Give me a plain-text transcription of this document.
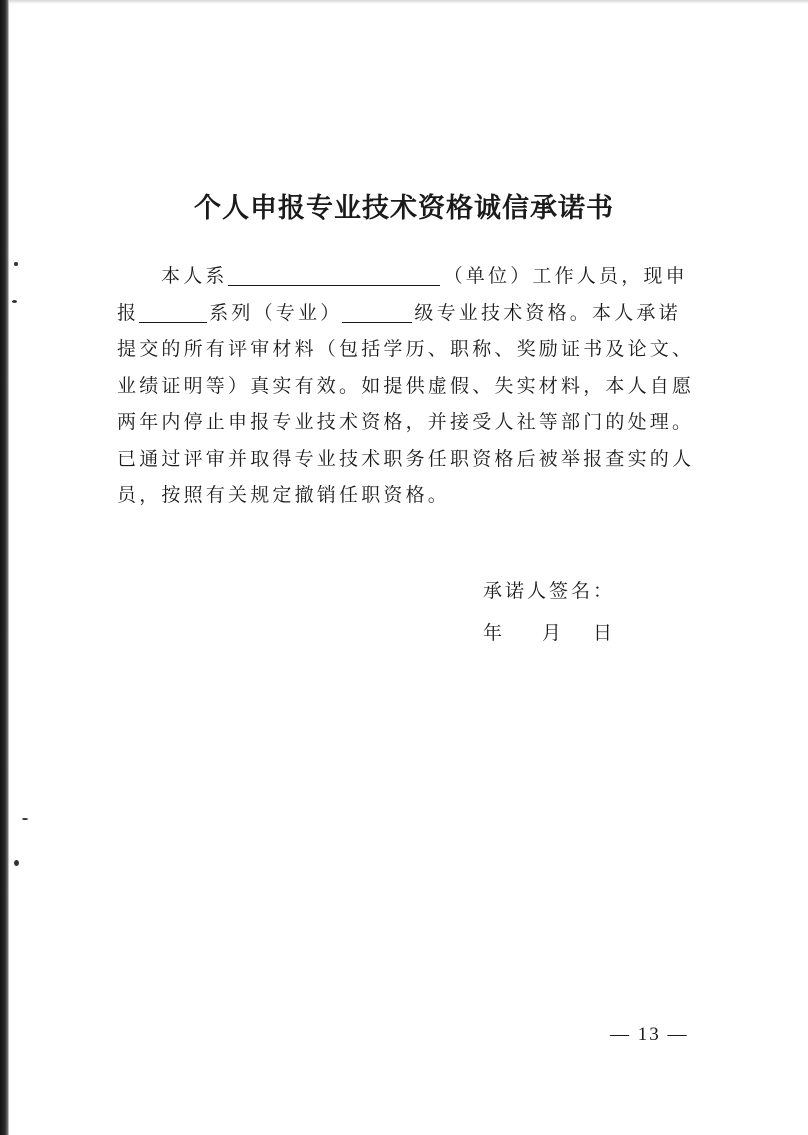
个人申报专业技术资格诚信承诺书
本人系	（单位）工作人员，现申
报	系列（专业）	级专业技术资格。本人承诺
提交的所有评审材料（包括学历、职称、奖励证书及论文、
业绩证明等）真实有效。如提供虚假、失实材料，本人自愿
两年内停止申报专业技术资格，并接受人社等部门的处理。
已通过评审并取得专业技术职务任职资格后被举报查实的人
员，按照有关规定撤销任职资格。

承诺人签名：

年 月 日

— 13 —
